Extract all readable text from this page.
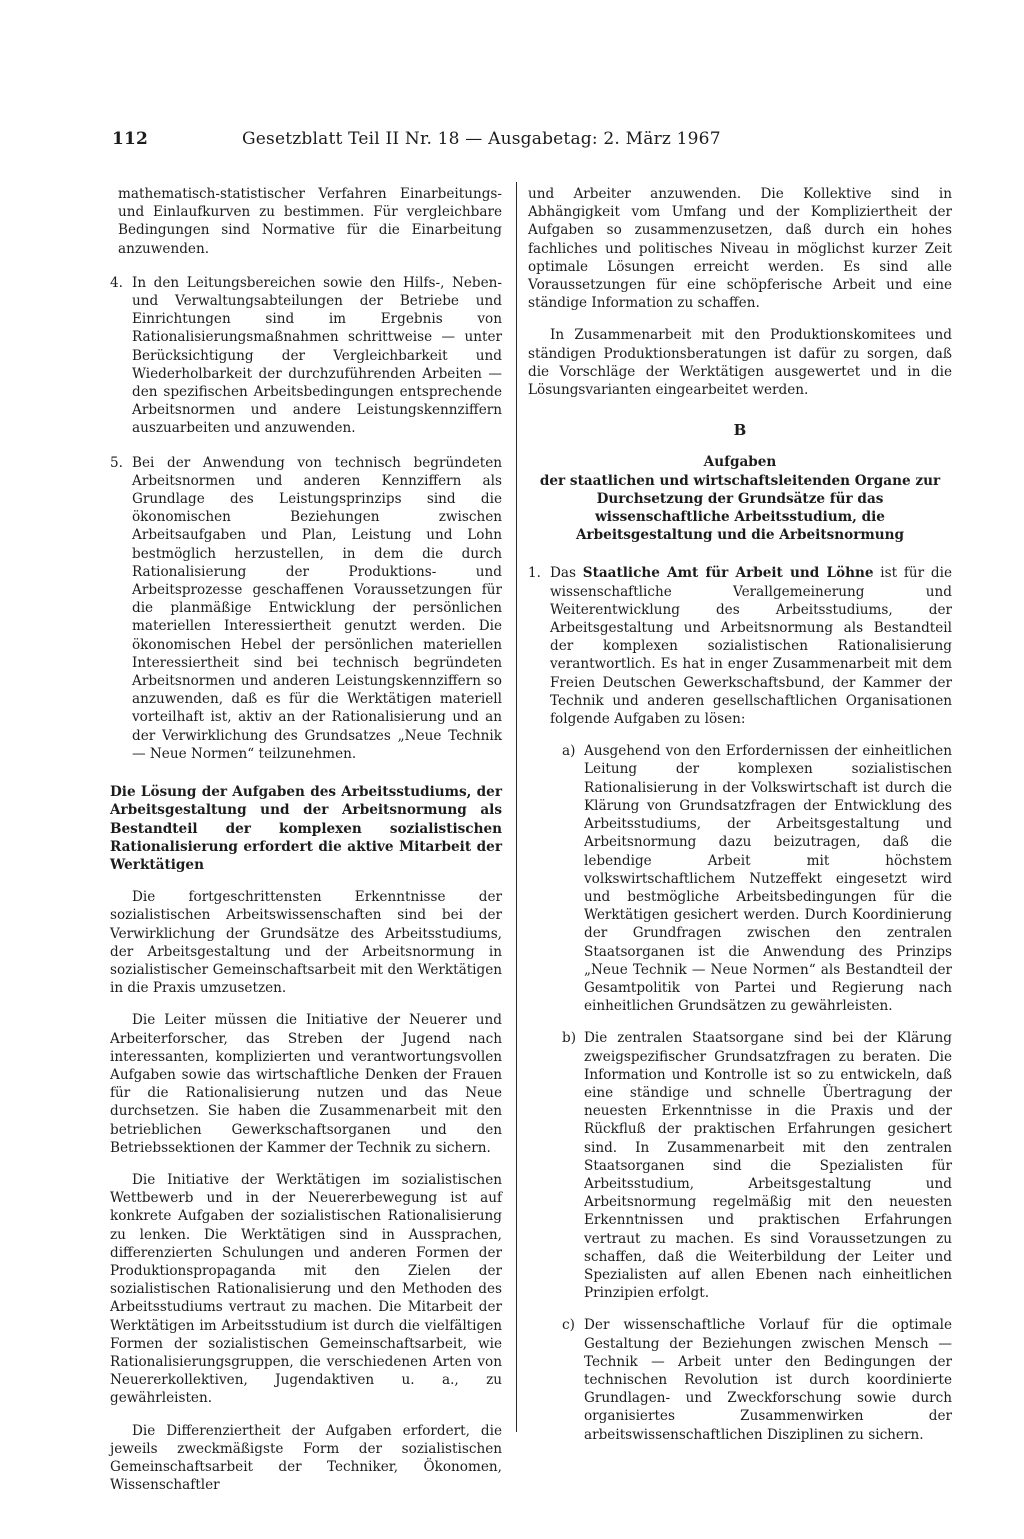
112	Gesetzblatt Teil II Nr. 18 — Ausgabetag: 2. März 1967

mathematisch-statistischer Verfahren Einarbeitungs- und Einlaufkurven zu bestimmen. Für vergleichbare Bedingungen sind Normative für die Einarbeitung anzuwenden.

4. In den Leitungsbereichen sowie den Hilfs-, Neben- und Verwaltungsabteilungen der Betriebe und Einrichtungen sind im Ergebnis von Rationalisierungsmaßnahmen schrittweise — unter Berücksichtigung der Vergleichbarkeit und Wiederholbarkeit der durchzuführenden Arbeiten — den spezifischen Arbeitsbedingungen entsprechende Arbeitsnormen und andere Leistungskennziffern auszuarbeiten und anzuwenden.
5. Bei der Anwendung von technisch begründeten Arbeitsnormen und anderen Kennziffern als Grundlage des Leistungsprinzips sind die ökonomischen Beziehungen zwischen Arbeitsaufgaben und Plan, Leistung und Lohn bestmöglich herzustellen, in dem die durch Rationalisierung der Produktions- und Arbeitsprozesse geschaffenen Voraussetzungen für die planmäßige Entwicklung der persönlichen materiellen Interessiertheit genutzt werden. Die ökonomischen Hebel der persönlichen materiellen Interessiertheit sind bei technisch begründeten Arbeitsnormen und anderen Leistungskennziffern so anzuwenden, daß es für die Werktätigen materiell vorteilhaft ist, aktiv an der Rationalisierung und an der Verwirklichung des Grundsatzes „Neue Technik — Neue Normen“ teilzunehmen.

Die Lösung der Aufgaben des Arbeitsstudiums, der Arbeitsgestaltung und der Arbeitsnormung als Bestandteil der komplexen sozialistischen Rationalisierung erfordert die aktive Mitarbeit der Werktätigen

Die fortgeschrittensten Erkenntnisse der sozialistischen Arbeitswissenschaften sind bei der Verwirklichung der Grundsätze des Arbeitsstudiums, der Arbeitsgestaltung und der Arbeitsnormung in sozialistischer Gemeinschaftsarbeit mit den Werktätigen in die Praxis umzusetzen.

Die Leiter müssen die Initiative der Neuerer und Arbeiterforscher, das Streben der Jugend nach interessanten, komplizierten und verantwortungsvollen Aufgaben sowie das wirtschaftliche Denken der Frauen für die Rationalisierung nutzen und das Neue durchsetzen. Sie haben die Zusammenarbeit mit den betrieblichen Gewerkschaftsorganen und den Betriebssektionen der Kammer der Technik zu sichern.

Die Initiative der Werktätigen im sozialistischen Wettbewerb und in der Neuererbewegung ist auf konkrete Aufgaben der sozialistischen Rationalisierung zu lenken. Die Werktätigen sind in Aussprachen, differenzierten Schulungen und anderen Formen der Produktionspropaganda mit den Zielen der sozialistischen Rationalisierung und den Methoden des Arbeitsstudiums vertraut zu machen. Die Mitarbeit der Werktätigen im Arbeitsstudium ist durch die vielfältigen Formen der sozialistischen Gemeinschaftsarbeit, wie Rationalisierungsgruppen, die verschiedenen Arten von Neuererkollektiven, Jugendaktiven u. a., zu gewährleisten.

Die Differenziertheit der Aufgaben erfordert, die jeweils zweckmäßigste Form der sozialistischen Gemeinschaftsarbeit der Techniker, Ökonomen, Wissenschaftler

und Arbeiter anzuwenden. Die Kollektive sind in Abhängigkeit vom Umfang und der Kompliziertheit der Aufgaben so zusammenzusetzen, daß durch ein hohes fachliches und politisches Niveau in möglichst kurzer Zeit optimale Lösungen erreicht werden. Es sind alle Voraussetzungen für eine schöpferische Arbeit und eine ständige Information zu schaffen.

In Zusammenarbeit mit den Produktionskomitees und ständigen Produktionsberatungen ist dafür zu sorgen, daß die Vorschläge der Werktätigen ausgewertet und in die Lösungsvarianten eingearbeitet werden.

B
Aufgaben
der staatlichen und wirtschaftsleitenden Organe zur Durchsetzung der Grundsätze für das wissenschaftliche Arbeitsstudium, die Arbeitsgestaltung und die Arbeitsnormung
1. Das Staatliche Amt für Arbeit und Löhne ist für die wissenschaftliche Verallgemeinerung und Weiterentwicklung des Arbeitsstudiums, der Arbeitsgestaltung und Arbeitsnormung als Bestandteil der komplexen sozialistischen Rationalisierung verantwortlich. Es hat in enger Zusammenarbeit mit dem Freien Deutschen Gewerkschaftsbund, der Kammer der Technik und anderen gesellschaftlichen Organisationen folgende Aufgaben zu lösen:
a) Ausgehend von den Erfordernissen der einheitlichen Leitung der komplexen sozialistischen Rationalisierung in der Volkswirtschaft ist durch die Klärung von Grundsatzfragen der Entwicklung des Arbeitsstudiums, der Arbeitsgestaltung und Arbeitsnormung dazu beizutragen, daß die lebendige Arbeit mit höchstem volkswirtschaftlichem Nutzeffekt eingesetzt wird und bestmögliche Arbeitsbedingungen für die Werktätigen gesichert werden. Durch Koordinierung der Grundfragen zwischen den zentralen Staatsorganen ist die Anwendung des Prinzips „Neue Technik — Neue Normen“ als Bestandteil der Gesamtpolitik von Partei und Regierung nach einheitlichen Grundsätzen zu gewährleisten.
b) Die zentralen Staatsorgane sind bei der Klärung zweigspezifischer Grundsatzfragen zu beraten. Die Information und Kontrolle ist so zu entwickeln, daß eine ständige und schnelle Übertragung der neuesten Erkenntnisse in die Praxis und der Rückfluß der praktischen Erfahrungen gesichert sind. In Zusammenarbeit mit den zentralen Staatsorganen sind die Spezialisten für Arbeitsstudium, Arbeitsgestaltung und Arbeitsnormung regelmäßig mit den neuesten Erkenntnissen und praktischen Erfahrungen vertraut zu machen. Es sind Voraussetzungen zu schaffen, daß die Weiterbildung der Leiter und Spezialisten auf allen Ebenen nach einheitlichen Prinzipien erfolgt.
c) Der wissenschaftliche Vorlauf für die optimale Gestaltung der Beziehungen zwischen Mensch — Technik — Arbeit unter den Bedingungen der technischen Revolution ist durch koordinierte Grundlagen- und Zweckforschung sowie durch organisiertes Zusammenwirken der arbeitswissenschaftlichen Disziplinen zu sichern.
